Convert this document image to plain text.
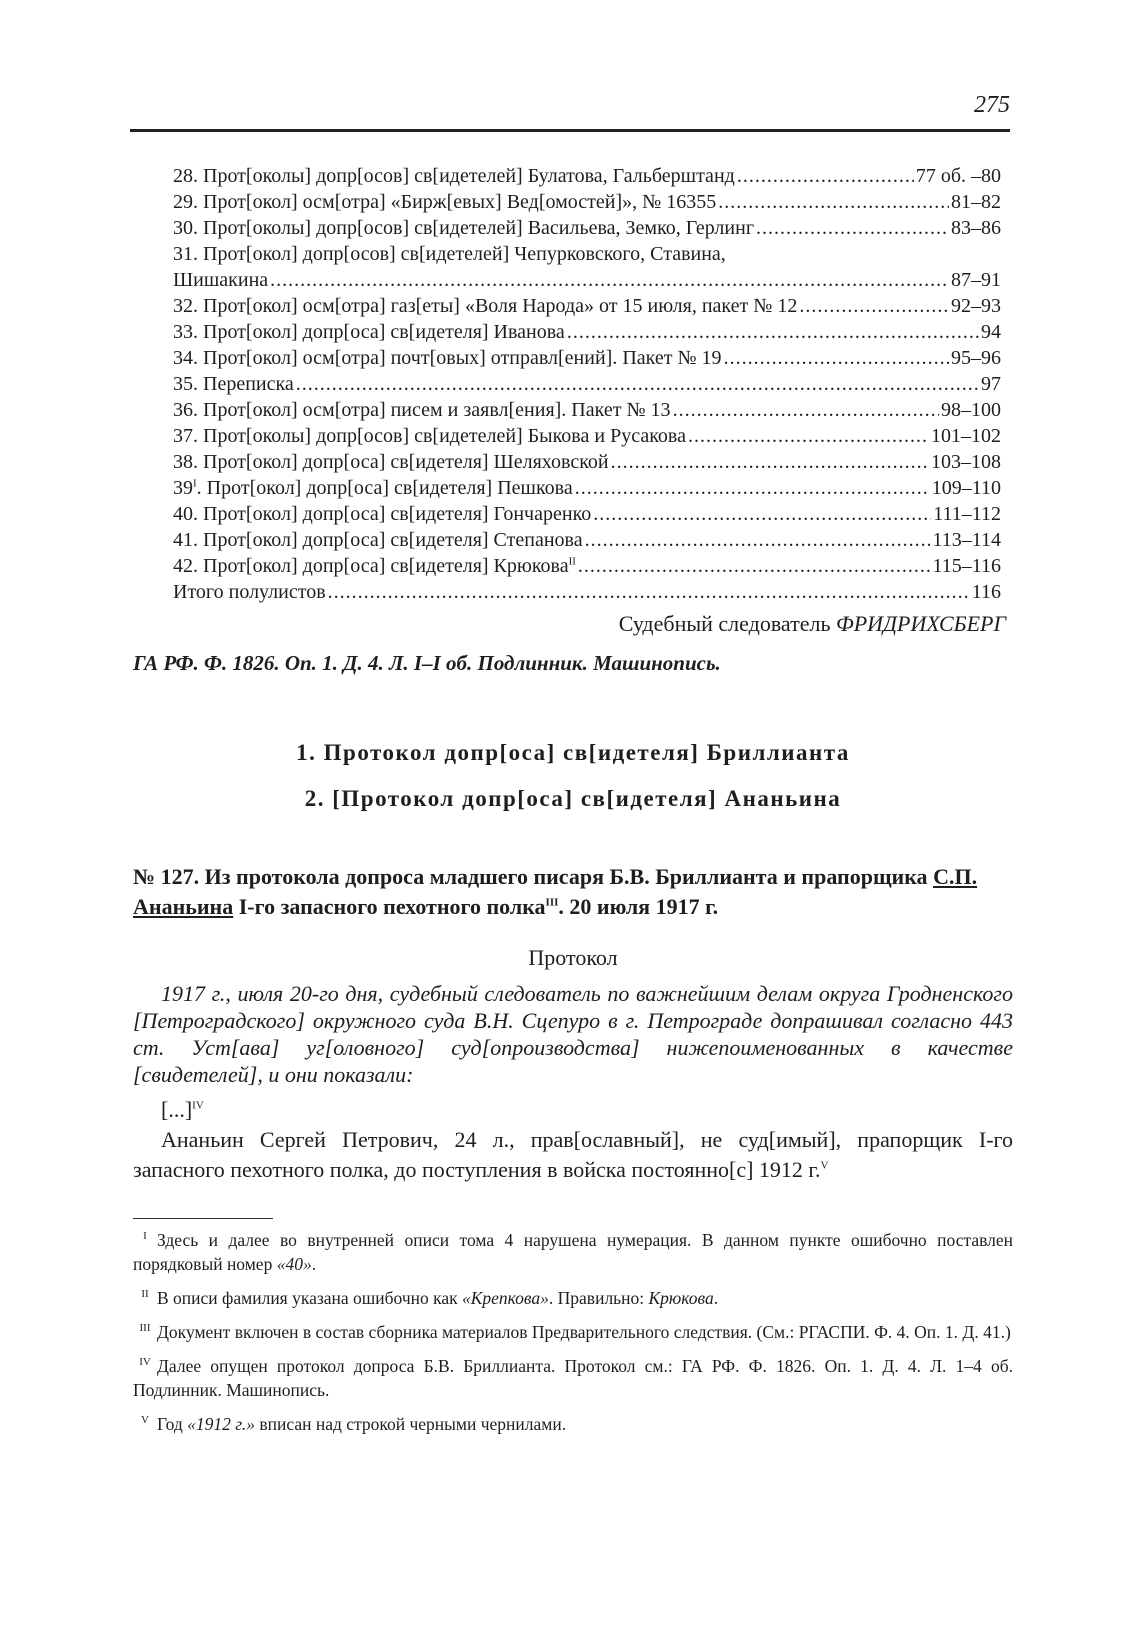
275
28. Прот[околы] допр[осов] св[идетелей] Булатова, Гальберштанд . . .	77 об. –80
29. Прот[окол] осм[отра] «Бирж[евых] Вед[омостей]», № 16355 . . .	81–82
30. Прот[околы] допр[осов] св[идетелей] Васильева, Земко, Герлинг . . .	83–86
31. Прот[окол] допр[осов] св[идетелей] Чепурковского, Ставина,
Шишакина . . .	87–91
32. Прот[окол] осм[отра] газ[еты] «Воля Народа» от 15 июля, пакет № 12 . . .	92–93
33. Прот[окол] допр[оса] св[идетеля] Иванова . . .	94
34. Прот[окол] осм[отра] почт[овых] отправл[ений]. Пакет № 19 . . .	95–96
35. Переписка . . .	97
36. Прот[окол] осм[отра] писем и заявл[ения]. Пакет № 13 . . .	98–100
37. Прот[околы] допр[осов] св[идетелей] Быкова и Русакова . . .	101–102
38. Прот[окол] допр[оса] св[идетеля] Шеляховской . . .	103–108
$39^I$. Прот[окол] допр[оса] св[идетеля] Пешкова . . .	109–110
40. Прот[окол] допр[оса] св[идетеля] Гончаренко . . .	111–112
41. Прот[окол] допр[оса] св[идетеля] Степанова . . .	113–114
42. Прот[окол] допр[оса] св[идетеля] Крюкова$^{II}$ . . .	115–116
Итого полулистов . . .	116
Судебный следователь ФРИДРИХСБЕРГ
ГА РФ. Ф. 1826. Оп. 1. Д. 4. Л. I–I об. Подлинник. Машинопись.
1. Протокол допр[оса] св[идетеля] Бриллианта
2. [Протокол допр[оса] св[идетеля] Ананьина
№ 127. Из протокола допроса младшего писаря Б.В. Бриллианта и прапорщика С.П. Ананьина I-го запасного пехотного полка$^{III}$. 20 июля 1917 г.
Протокол
1917 г., июля 20-го дня, судебный следователь по важнейшим делам округа Гродненского [Петроградского] окружного суда В.Н. Сцепуро в г. Петрограде допрашивал согласно 443 ст. Уст[ава] уг[оловного] суд[опроизводства] нижепоименованных в качестве [свидетелей], и они показали:
[...]$^{IV}$
Ананьин Сергей Петрович, 24 л., прав[ославный], не суд[имый], прапорщик I-го запасного пехотного полка, до поступления в войска постоянно[с] 1912 г.$^V$
I Здесь и далее во внутренней описи тома 4 нарушена нумерация. В данном пункте ошибочно поставлен порядковый номер «40».
II В описи фамилия указана ошибочно как «Крепкова». Правильно: Крюкова.
III Документ включен в состав сборника материалов Предварительного следствия. (См.: РГАСПИ. Ф. 4. Оп. 1. Д. 41.)
IV Далее опущен протокол допроса Б.В. Бриллианта. Протокол см.: ГА РФ. Ф. 1826. Оп. 1. Д. 4. Л. 1–4 об. Подлинник. Машинопись.
V Год «1912 г.» вписан над строкой черными чернилами.
